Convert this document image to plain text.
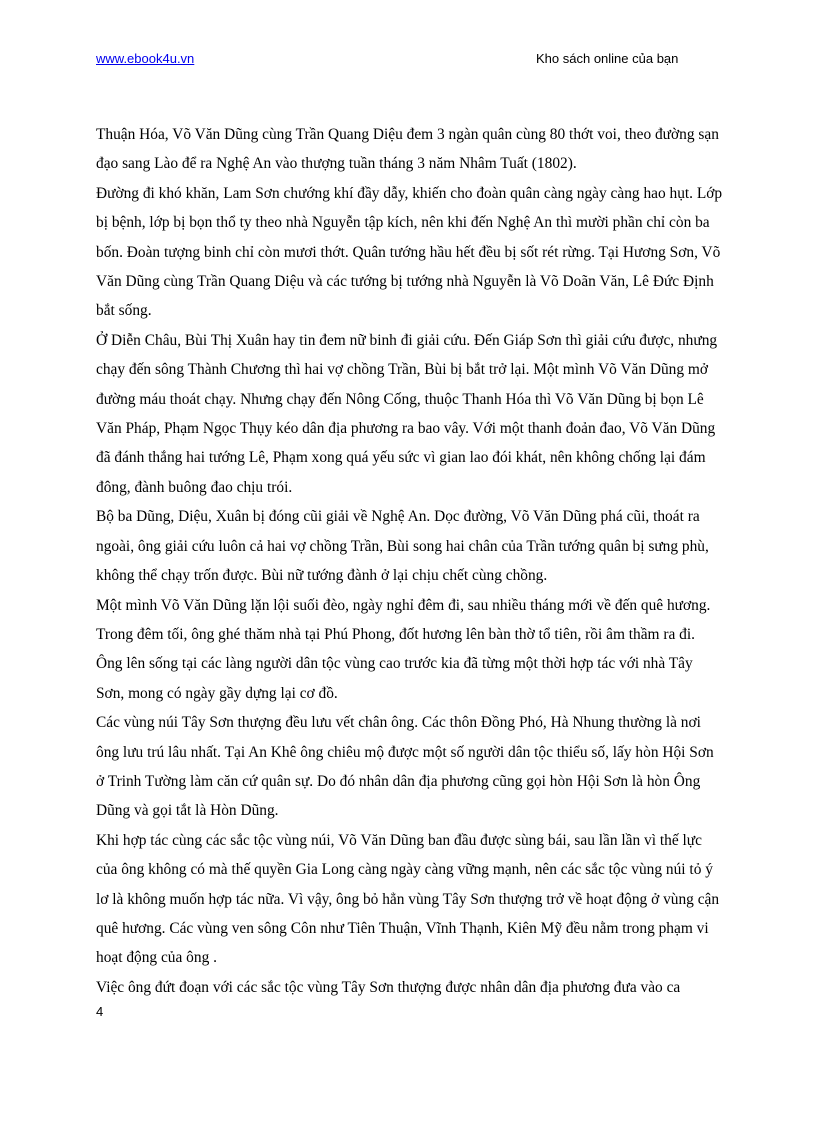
www.ebook4u.vn	Kho sách online của bạn

Thuận Hóa, Võ Văn Dũng cùng Trần Quang Diệu đem 3 ngàn quân cùng 80 thớt voi, theo đường sạn đạo sang Lào để ra Nghệ An vào thượng tuần tháng 3 năm Nhâm Tuất (1802).

Đường đi khó khăn, Lam Sơn chướng khí đầy dẫy, khiến cho đoàn quân càng ngày càng hao hụt. Lớp bị bệnh, lớp bị bọn thổ ty theo nhà Nguyễn tập kích, nên khi đến Nghệ An thì mười phần chỉ còn ba bốn. Đoàn tượng binh chỉ còn mươi thớt. Quân tướng hầu hết đều bị sốt rét rừng. Tại Hương Sơn, Võ Văn Dũng cùng Trần Quang Diệu và các tướng bị tướng nhà Nguyễn là Võ Doãn Văn, Lê Đức Định bắt sống.

Ở Diễn Châu, Bùi Thị Xuân hay tin đem nữ binh đi giải cứu. Đến Giáp Sơn thì giải cứu được, nhưng chạy đến sông Thành Chương thì hai vợ chồng Trần, Bùi bị bắt trở lại. Một mình Võ Văn Dũng mở đường máu thoát chạy. Nhưng chạy đến Nông Cống, thuộc Thanh Hóa thì Võ Văn Dũng bị bọn Lê Văn Pháp, Phạm Ngọc Thụy kéo dân địa phương ra bao vây. Với một thanh đoản đao, Võ Văn Dũng đã đánh thắng hai tướng Lê, Phạm xong quá yếu sức vì gian lao đói khát, nên không chống lại đám đông, đành buông đao chịu trói.

Bộ ba Dũng, Diệu, Xuân bị đóng cũi giải về Nghệ An. Dọc đường, Võ Văn Dũng phá cũi, thoát ra ngoài, ông giải cứu luôn cả hai vợ chồng Trần, Bùi song hai chân của Trần tướng quân bị sưng phù, không thể chạy trốn được. Bùi nữ tướng đành ở lại chịu chết cùng chồng.

Một mình Võ Văn Dũng lặn lội suối đèo, ngày nghỉ đêm đi, sau nhiều tháng mới về đến quê hương. Trong đêm tối, ông ghé thăm nhà tại Phú Phong, đốt hương lên bàn thờ tổ tiên, rồi âm thầm ra đi. Ông lên sống tại các làng người dân tộc vùng cao trước kia đã từng một thời hợp tác với nhà Tây Sơn, mong có ngày gầy dựng lại cơ đồ.

Các vùng núi Tây Sơn thượng đều lưu vết chân ông. Các thôn Đồng Phó, Hà Nhung thường là nơi ông lưu trú lâu nhất. Tại An Khê ông chiêu mộ được một số người dân tộc thiểu số, lấy hòn Hội Sơn ở Trinh Tường làm căn cứ quân sự. Do đó nhân dân địa phương cũng gọi hòn Hội Sơn là hòn Ông Dũng và gọi tắt là Hòn Dũng.

Khi hợp tác cùng các sắc tộc vùng núi, Võ Văn Dũng ban đầu được sùng bái, sau lần lần vì thế lực của ông không có mà thế quyền Gia Long càng ngày càng vững mạnh, nên các sắc tộc vùng núi tỏ ý lơ là không muốn hợp tác nữa. Vì vậy, ông bỏ hẳn vùng Tây Sơn thượng trở về hoạt động ở vùng cận quê hương. Các vùng ven sông Côn như Tiên Thuận, Vĩnh Thạnh, Kiên Mỹ đều nằm trong phạm vi hoạt động của ông .

Việc ông đứt đoạn với các sắc tộc vùng Tây Sơn thượng được nhân dân địa phương đưa vào ca

4
